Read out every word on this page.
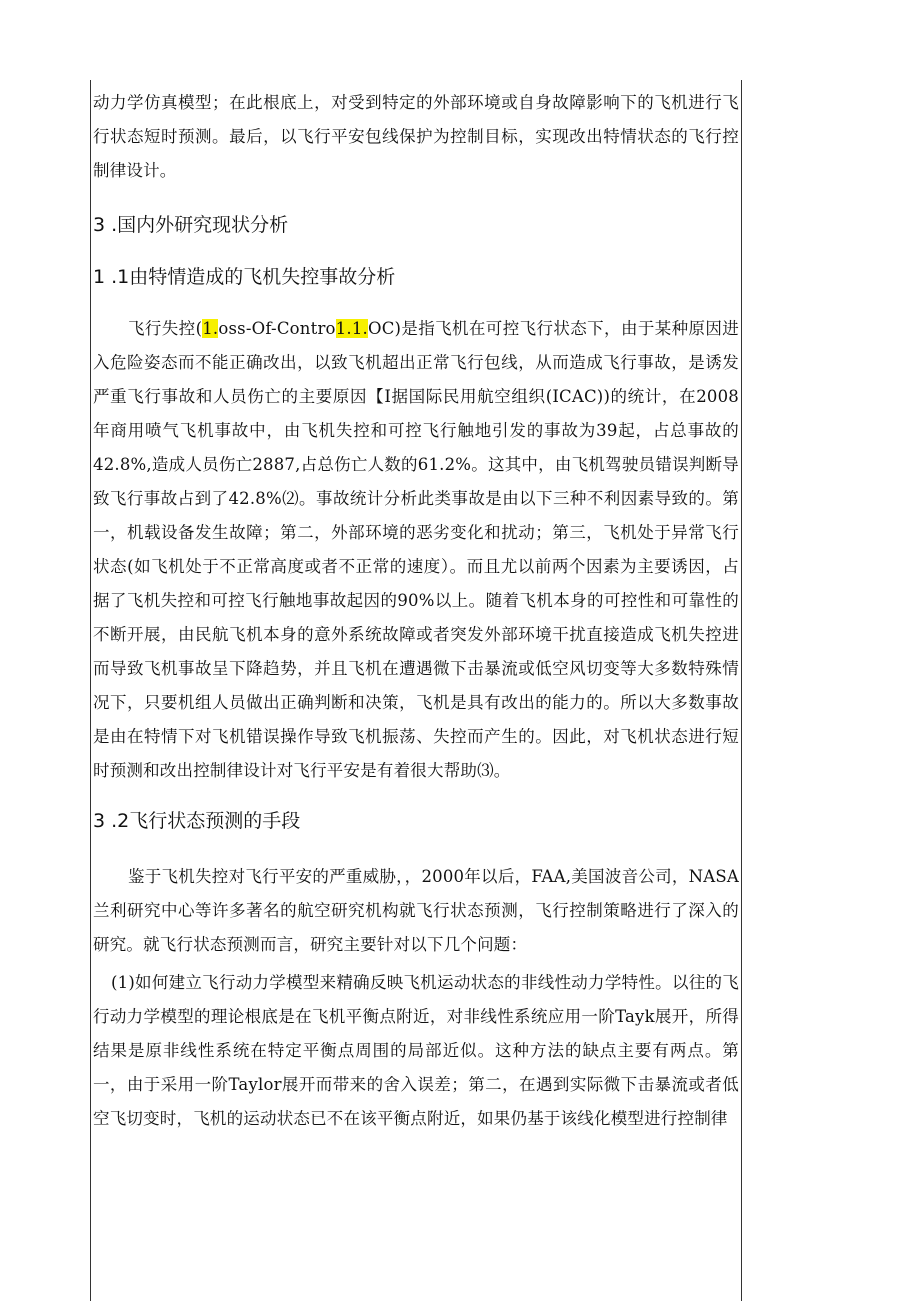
动力学仿真模型；在此根底上，对受到特定的外部环境或自身故障影响下的飞机进行飞行状态短时预测。最后，以飞行平安包线保护为控制目标，实现改出特情状态的飞行控制律设计。

3 .国内外研究现状分析
1 .1由特情造成的飞机失控事故分析

飞行失控(1.oss-Of-Contro1.1.OC)是指飞机在可控飞行状态下，由于某种原因进入危险姿态而不能正确改出，以致飞机超出正常飞行包线，从而造成飞行事故，是诱发严重飞行事故和人员伤亡的主要原因【I据国际民用航空组织(ICAC))的统计，在2008年商用喷气飞机事故中，由飞机失控和可控飞行触地引发的事故为39起，占总事故的42.8%,造成人员伤亡2887,占总伤亡人数的61.2%。这其中，由飞机驾驶员错误判断导致飞行事故占到了42.8%⑵。事故统计分析此类事故是由以下三种不利因素导致的。第一，机载设备发生故障；第二，外部环境的恶劣变化和扰动；第三，飞机处于异常飞行状态(如飞机处于不正常高度或者不正常的速度）。而且尤以前两个因素为主要诱因，占据了飞机失控和可控飞行触地事故起因的90%以上。随着飞机本身的可控性和可靠性的不断开展，由民航飞机本身的意外系统故障或者突发外部环境干扰直接造成飞机失控进而导致飞机事故呈下降趋势，并且飞机在遭遇微下击暴流或低空风切变等大多数特殊情况下，只要机组人员做出正确判断和决策，飞机是具有改出的能力的。所以大多数事故是由在特情下对飞机错误操作导致飞机振荡、失控而产生的。因此，对飞机状态进行短时预测和改出控制律设计对飞行平安是有着很大帮助⑶。

3 .2飞行状态预测的手段

鉴于飞机失控对飞行平安的严重威胁，，2000年以后，FAA,美国波音公司，NASA兰利研究中心等许多著名的航空研究机构就飞行状态预测，飞行控制策略进行了深入的研究。就飞行状态预测而言，研究主要针对以下几个问题：

(1)如何建立飞行动力学模型来精确反映飞机运动状态的非线性动力学特性。以往的飞行动力学模型的理论根底是在飞机平衡点附近，对非线性系统应用一阶Tayk展开，所得结果是原非线性系统在特定平衡点周围的局部近似。这种方法的缺点主要有两点。第一，由于采用一阶Taylor展开而带来的舍入误差；第二，在遇到实际微下击暴流或者低空飞切变时，飞机的运动状态已不在该平衡点附近，如果仍基于该线化模型进行控制律
